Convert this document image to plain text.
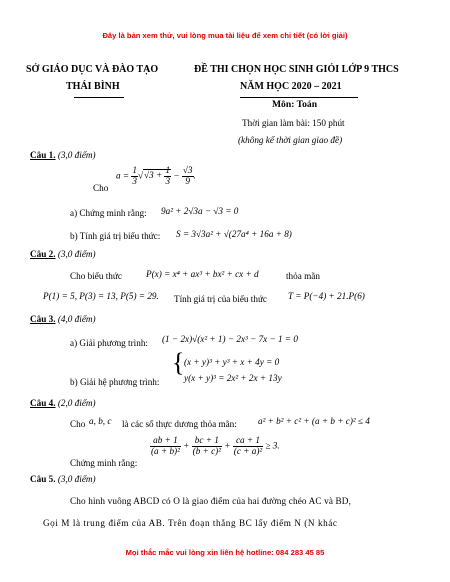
Đây là bản xem thử, vui lòng mua tài liệu để xem chi tiết (có lời giải)
SỞ GIÁO DỤC VÀ ĐÀO TẠO
THÁI BÌNH
ĐỀ THI CHỌN HỌC SINH GIỎI LỚP 9 THCS
NĂM HỌC 2020 – 2021
Môn: Toán
Thời gian làm bài: 150 phút
(không kể thời gian giao đề)
Câu 1. (3,0 điểm)
Cho
$a = \frac{1}{3} √√3 + \frac{1}{3} - \frac{√3}{9}$ .
a) Chứng minh rằng: 9a² + 2√3a − √3 = 0
b) Tính giá trị biểu thức: S = 3√3a² + √(27a⁴ + 16a + 8)
Câu 2. (3,0 điểm)
Cho biểu thức	P(x) = x⁴ + ax³ + bx² + cx + d	thỏa mãn
P(1) = 5, P(3) = 13, P(5) = 29. Tính giá trị của biểu thức T = P(−4) + 21.P(6)
Câu 3. (4,0 điểm)
a) Giải phương trình: (1 − 2x)√(x² + 1) − 2x³ − 7x − 1 = 0
{ (x + y)³ + y³ + x + 4y = 0
y(x + y)³ = 2x² + 2x + 13y
b) Giải hệ phương trình:
Câu 4. (2,0 điểm)
Cho a, b, c là các số thực dương thỏa mãn: a² + b² + c² + (a + b + c)² ≤ 4
Chứng minh rằng:
$\frac{ab + 1}{\text{(a + b)²}} + \frac{bc + 1}{\text{(b + c)²}} + \frac{ca + 1}{\text{(c + a)²}} \ge 3$.
Câu 5. (3,0 điểm)
Cho hình vuông ABCD có O là giao điểm của hai đường chéo AC và BD,
Gọi M là trung điểm của AB. Trên đoạn thẳng BC lấy điểm N (N khác
Mọi thắc mắc vui lòng xin liên hệ hotline: 084 283 45 85
